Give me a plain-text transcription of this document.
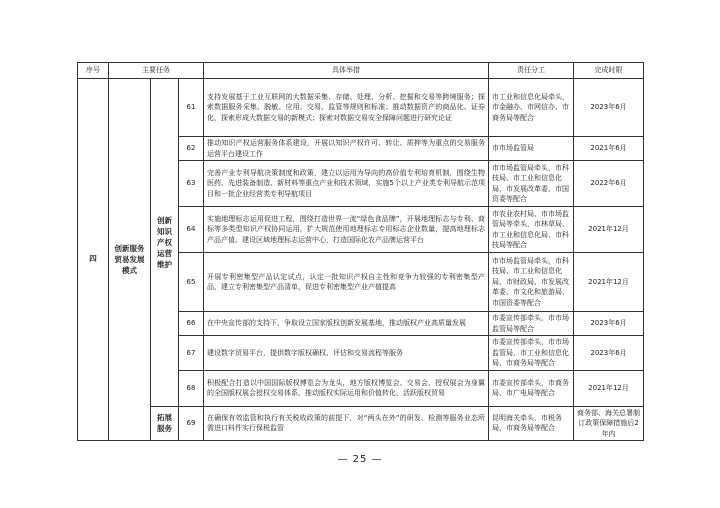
序号	主要任务			具体举措	责任分工	完成时限
四	创新服务贸易发展模式	创新知识产权运营维护	61	支持发展基于工业互联网的大数据采集、存储、处理、分析、挖掘和交易等跨境服务；探索数据服务采集、脱敏、应用、交易、监管等规则和标准；推动数据资产的商品化、证券化，探索形成大数据交易的新模式；探索对数据交易安全保障问题进行研究论证	市工业和信息化局牵头，市金融办、市网信办、市商务局等配合	2023年6月
			62	推动知识产权运营服务体系建设，开展以知识产权许可、转让、质押等为重点的交易服务运营平台建设工作	市市场监管局	2021年6月
			63	完善产业专利导航决策制度和政策，建立以运用为导向的高价值专利培育机制，围绕生物医药、先进装备制造、新材料等重点产业和技术领域，实施5个以上产业类专利导航示范项目和一批企业经营类专利导航项目	市市场监管局牵头，市科技局、市工业和信息化局、市发展改革委、市国资委等配合	2022年6月
			64	实施地理标志运用促进工程，围绕打造世界一流“绿色食品牌”，开展地理标志与专利、商标等多类型知识产权协同运用，扩大规范使用地理标志专用标志企业数量，提高地理标志产品产值。建设区域地理标志运营中心，打造国际化农产品牌运营平台	市农业农村局、市市场监管局等牵头，市林草局、市工业和信息化局、市科技局等配合	2021年12月
			65	开展专利密集型产品认定试点，认定一批知识产权自主性和竞争力较强的专利密集型产品，建立专利密集型产品清单，促进专利密集型产业产值提高	市市场监管局牵头，市科技局、市工业和信息化局、市财政局、市发展改革委、市文化和旅游局、市国资委等配合	2021年12月
			66	在中央宣传部的支持下，争取设立国家版权创新发展基地，推动版权产业高质量发展	市委宣传部牵头，市市场监管局等配合	2023年6月
			67	建设数字贸易平台，提供数字版权确权、评估和交易流程等服务	市委宣传部牵头，市市场监管局、市工业和信息化局、市商务局等配合	2023年6月
			68	积极配合打造以中国国际版权博览会为龙头，地方版权博览会、交易会、授权展会为身翼的全国版权展会授权交易体系，推动版权实际运用和价值转化，活跃版权贸易	市委宣传部牵头，市商务局、市广电局等配合	2021年12月
		拓展服务	69	在确保有效监管和执行有关税收政策的前提下，对“两头在外”的研发、检测等服务业态所需进口料件实行保税监管	昆明海关牵头，市税务局、市商务局等配合	商务部、海关总署制订政策保障措施后2年内
— 25 —
